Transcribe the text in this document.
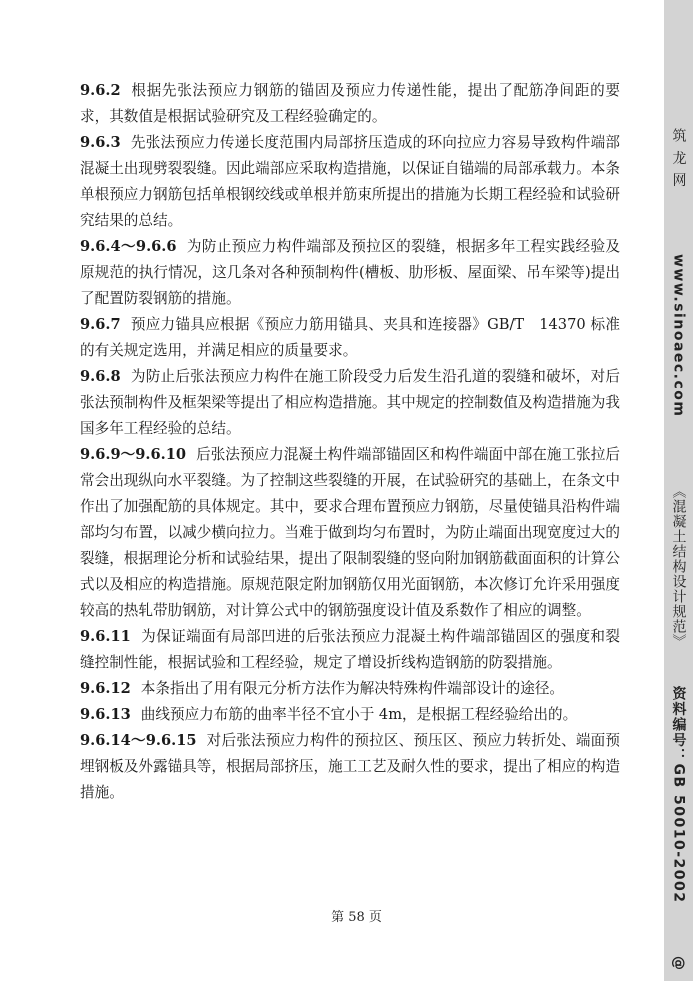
9.6.2 根据先张法预应力钢筋的锚固及预应力传递性能，提出了配筋净间距的要求，其数值是根据试验研究及工程经验确定的。

9.6.3 先张法预应力传递长度范围内局部挤压造成的环向拉应力容易导致构件端部混凝土出现劈裂裂缝。因此端部应采取构造措施，以保证自锚端的局部承载力。本条单根预应力钢筋包括单根钢绞线或单根并筋束所提出的措施为长期工程经验和试验研究结果的总结。

9.6.4～9.6.6 为防止预应力构件端部及预拉区的裂缝，根据多年工程实践经验及原规范的执行情况，这几条对各种预制构件(槽板、肋形板、屋面梁、吊车梁等)提出了配置防裂钢筋的措施。

9.6.7 预应力锚具应根据《预应力筋用锚具、夹具和连接器》GB/T　14370 标准的有关规定选用，并满足相应的质量要求。

9.6.8 为防止后张法预应力构件在施工阶段受力后发生沿孔道的裂缝和破坏，对后张法预制构件及框架梁等提出了相应构造措施。其中规定的控制数值及构造措施为我国多年工程经验的总结。

9.6.9～9.6.10 后张法预应力混凝土构件端部锚固区和构件端面中部在施工张拉后常会出现纵向水平裂缝。为了控制这些裂缝的开展，在试验研究的基础上，在条文中作出了加强配筋的具体规定。其中，要求合理布置预应力钢筋，尽量使锚具沿构件端部均匀布置，以减少横向拉力。当难于做到均匀布置时，为防止端面出现宽度过大的裂缝，根据理论分析和试验结果，提出了限制裂缝的竖向附加钢筋截面面积的计算公式以及相应的构造措施。原规范限定附加钢筋仅用光面钢筋，本次修订允许采用强度较高的热轧带肋钢筋，对计算公式中的钢筋强度设计值及系数作了相应的调整。

9.6.11 为保证端面有局部凹进的后张法预应力混凝土构件端部锚固区的强度和裂缝控制性能，根据试验和工程经验，规定了增设折线构造钢筋的防裂措施。

9.6.12 本条指出了用有限元分析方法作为解决特殊构件端部设计的途径。

9.6.13 曲线预应力布筋的曲率半径不宜小于 4m，是根据工程经验给出的。

9.6.14～9.6.15 对后张法预应力构件的预拉区、预压区、预应力转折处、端面预埋钢板及外露锚具等，根据局部挤压，施工工艺及耐久性的要求，提出了相应的构造措施。

第 58 页
筑 龙 网
www.sinoaec.com
《混凝土结构设计规范》
资料编号：GB 50010-2002
@
